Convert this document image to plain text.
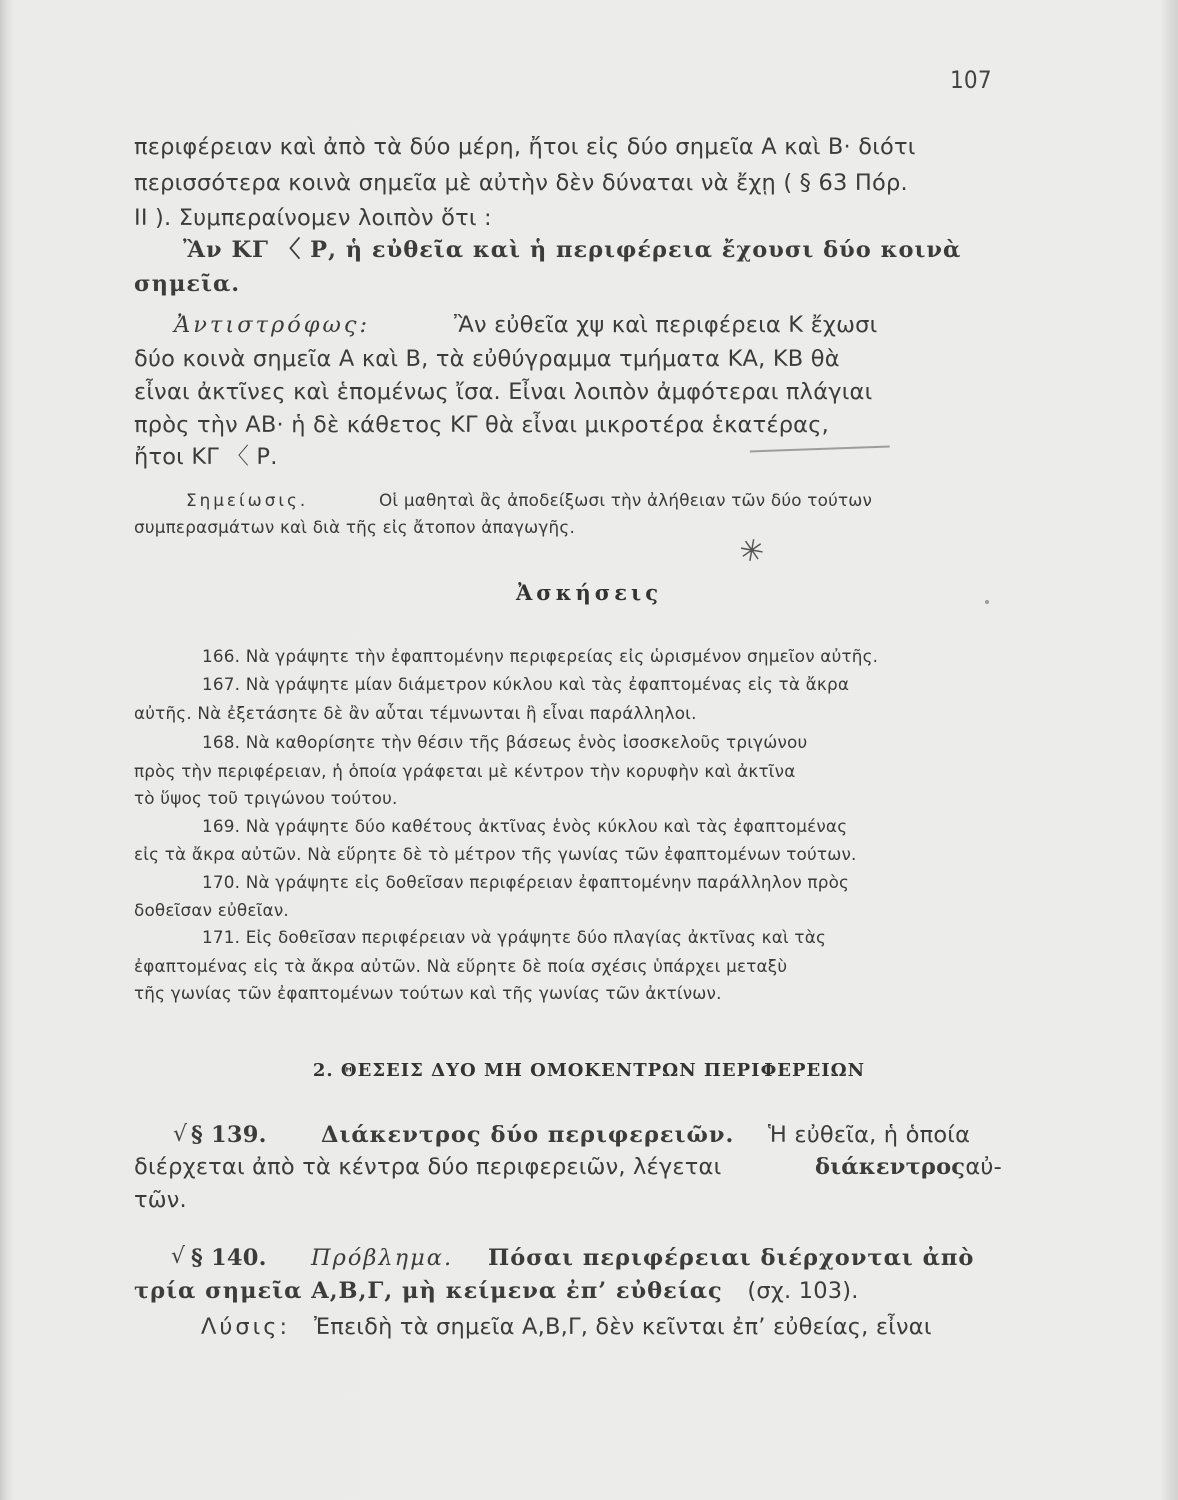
107
περιφέρειαν καὶ ἀπὸ τὰ δύο μέρη, ἤτοι εἰς δύο σημεῖα Α καὶ Β· διότι
περισσότερα κοινὰ σημεῖα μὲ αὐτὴν δὲν δύναται νὰ ἔχῃ ( § 63 Πόρ.
ΙΙ ). Συμπεραίνομεν λοιπὸν ὅτι :
Ἂν ΚΓ 〈 Ρ, ἡ εὐθεῖα καὶ ἡ περιφέρεια ἔχουσι δύο κοινὰ
σημεῖα.
Ἀντιστρόφως:	Ἂν εὐθεῖα χψ καὶ περιφέρεια Κ ἔχωσι
δύο κοινὰ σημεῖα Α καὶ Β, τὰ εὐθύγραμμα τμήματα ΚΑ, ΚΒ θὰ
εἶναι ἀκτῖνες καὶ ἑπομένως ἴσα. Εἶναι λοιπὸν ἀμφότεραι πλάγιαι
πρὸς τὴν ΑΒ· ἡ δὲ κάθετος ΚΓ θὰ εἶναι μικροτέρα ἑκατέρας,
ἤτοι ΚΓ 〈 Ρ.
Σημείωσις.	Οἱ μαθηταὶ ἂς ἀποδείξωσι τὴν ἀλήθειαν τῶν δύο τούτων
συμπερασμάτων καὶ διὰ τῆς εἰς ἄτοπον ἀπαγωγῆς.
✳
Ἀσκήσεις
166. Νὰ γράψητε τὴν ἐφαπτομένην περιφερείας εἰς ὡρισμένον σημεῖον αὐτῆς.
167. Νὰ γράψητε μίαν διάμετρον κύκλου καὶ τὰς ἐφαπτομένας εἰς τὰ ἄκρα
αὐτῆς. Νὰ ἐξετάσητε δὲ ἂν αὗται τέμνωνται ἢ εἶναι παράλληλοι.
168. Νὰ καθορίσητε τὴν θέσιν τῆς βάσεως ἑνὸς ἰσοσκελοῦς τριγώνου
πρὸς τὴν περιφέρειαν, ἡ ὁποία γράφεται μὲ κέντρον τὴν κορυφὴν καὶ ἀκτῖνα
τὸ ὕψος τοῦ τριγώνου τούτου.
169. Νὰ γράψητε δύο καθέτους ἀκτῖνας ἑνὸς κύκλου καὶ τὰς ἐφαπτομένας
εἰς τὰ ἄκρα αὐτῶν. Νὰ εὕρητε δὲ τὸ μέτρον τῆς γωνίας τῶν ἐφαπτομένων τούτων.
170. Νὰ γράψητε εἰς δοθεῖσαν περιφέρειαν ἐφαπτομένην παράλληλον πρὸς
δοθεῖσαν εὐθεῖαν.
171. Εἰς δοθεῖσαν περιφέρειαν νὰ γράψητε δύο πλαγίας ἀκτῖνας καὶ τὰς
ἐφαπτομένας εἰς τὰ ἄκρα αὐτῶν. Νὰ εὕρητε δὲ ποία σχέσις ὑπάρχει μεταξὺ
τῆς γωνίας τῶν ἐφαπτομένων τούτων καὶ τῆς γωνίας τῶν ἀκτίνων.
2. ΘΕΣΕΙΣ ΔΥΟ ΜΗ ΟΜΟΚΕΝΤΡΩΝ ΠΕΡΙΦΕΡΕΙΩΝ
√ § 139. Διάκεντρος δύο περιφερειῶν. Ἡ εὐθεῖα, ἡ ὁποία
διέρχεται ἀπὸ τὰ κέντρα δύο περιφερειῶν, λέγεται	διάκεντρος
αὐ-
τῶν.
√ § 140. Πρόβλημα. Πόσαι περιφέρειαι διέρχονται ἀπὸ
τρία σημεῖα Α,Β,Γ, μὴ κείμενα ἐπ’ εὐθείας (σχ. 103).
Λύσις: Ἐπειδὴ τὰ σημεῖα Α,Β,Γ, δὲν κεῖνται ἐπ’ εὐθείας, εἶναι
